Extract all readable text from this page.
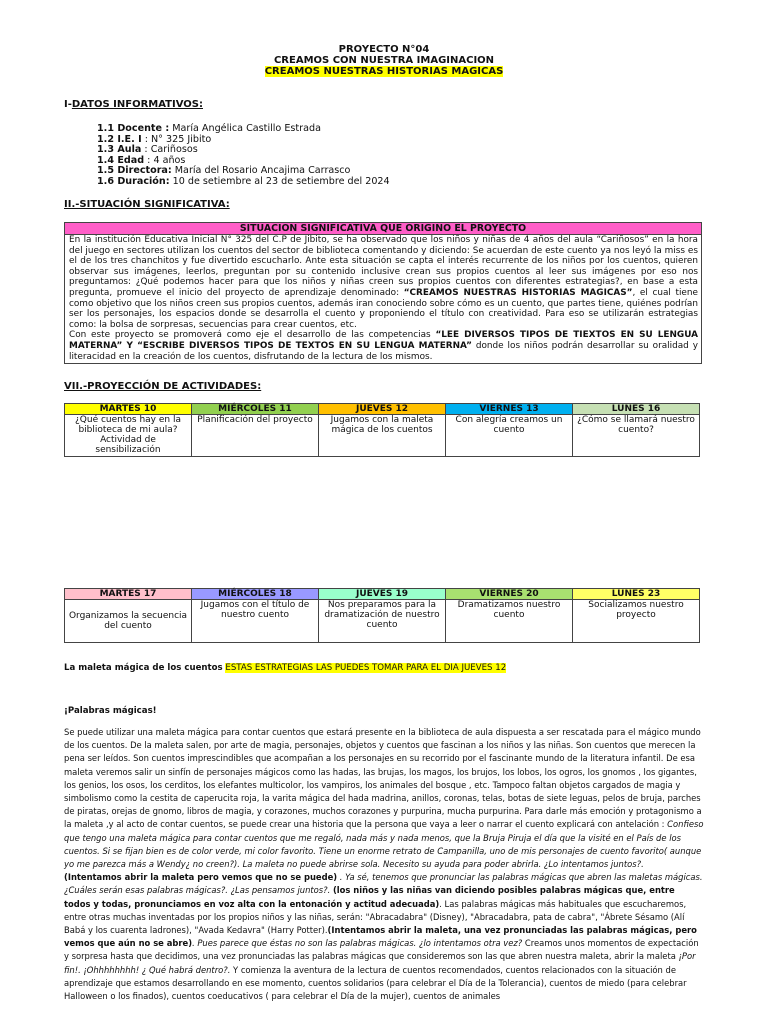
PROYECTO N°04
CREAMOS CON NUESTRA IMAGINACION
CREAMOS NUESTRAS HISTORIAS MAGICAS
I-DATOS INFORMATIVOS:
1.1 Docente : María Angélica Castillo Estrada
1.2 I.E. I : N° 325 Jibito
1.3 Aula : Cariñosos
1.4 Edad : 4 años
1.5 Directora: María del Rosario Ancajima Carrasco
1.6 Duración: 10 de setiembre al 23 de setiembre del 2024
II.-SITUACIÓN SIGNIFICATIVA:
SITUACION SIGNIFICATIVA QUE ORIGINO EL PROYECTO
En la institución Educativa Inicial N° 325 del C.P de Jibito, se ha observado que los niños y niñas de 4 años del aula “Cariñosos” en la hora del juego en sectores utilizan los cuentos del sector de biblioteca comentando y diciendo: Se acuerdan de este cuento ya nos leyó la miss es el de los tres chanchitos y fue divertido escucharlo. Ante esta situación se capta el interés recurrente de los niños por los cuentos, quieren observar sus imágenes, leerlos, preguntan por su contenido inclusive crean sus propios cuentos al leer sus imágenes por eso nos preguntamos: ¿Qué podemos hacer para que los niños y niñas creen sus propios cuentos con diferentes estrategias?, en base a esta pregunta, promueve el inicio del proyecto de aprendizaje denominado: “CREAMOS NUESTRAS HISTORIAS MAGICAS”, el cual tiene como objetivo que los niños creen sus propios cuentos, además iran conociendo sobre cómo es un cuento, que partes tiene, quiénes podrían ser los personajes, los espacios donde se desarrolla el cuento y proponiendo el título con creatividad. Para eso se utilizarán estrategias como: la bolsa de sorpresas, secuencias para crear cuentos, etc.
Con este proyecto se promoverá como eje el desarrollo de las competencias “LEE DIVERSOS TIPOS DE TIEXTOS EN SU LENGUA MATERNA” Y “ESCRIBE DIVERSOS TIPOS DE TEXTOS EN SU LENGUA MATERNA” donde los niños podrán desarrollar su oralidad y literacidad en la creación de los cuentos, disfrutando de la lectura de los mismos.
VII.-PROYECCIÓN DE ACTIVIDADES:
MARTES 10	MIÉRCOLES 11	JUEVES 12	VIERNES 13	LUNES 16
¿Qué cuentos hay en la biblioteca de mi aula? Actividad de sensibilización	Planificación del proyecto	Jugamos con la maleta mágica de los cuentos	Con alegría creamos un cuento	¿Cómo se llamará nuestro cuento?
MARTES 17	MIÉRCOLES 18	JUEVES 19	VIERNES 20	LUNES 23
Organizamos la secuencia del cuento	Jugamos con el título de nuestro cuento	Nos preparamos para la dramatización de nuestro cuento	Dramatizamos nuestro cuento	Socializamos nuestro proyecto
La maleta mágica de los cuentos ESTAS ESTRATEGIAS LAS PUEDES TOMAR PARA EL DIA JUEVES 12
¡Palabras mágicas!

Se puede utilizar una maleta mágica para contar cuentos que estará presente en la biblioteca de aula dispuesta a ser rescatada para el mágico mundo de los cuentos. De la maleta salen, por arte de magia, personajes, objetos y cuentos que fascinan a los niños y las niñas. Son cuentos que merecen la pena ser leídos. Son cuentos imprescindibles que acompañan a los personajes en su recorrido por el fascinante mundo de la literatura infantil. De esa maleta veremos salir un sinfín de personajes mágicos como las hadas, las brujas, los magos, los brujos, los lobos, los ogros, los gnomos , los gigantes, los genios, los osos, los cerditos, los elefantes multicolor, los vampiros, los animales del bosque , etc. Tampoco faltan objetos cargados de magia y simbolismo como la cestita de caperucita roja, la varita mágica del hada madrina, anillos, coronas, telas, botas de siete leguas, pelos de bruja, parches de piratas, orejas de gnomo, libros de magia, y corazones, muchos corazones y purpurina, mucha purpurina. Para darle más emoción y protagonismo a la maleta ,y al acto de contar cuentos, se puede crear una historia que la persona que vaya a leer o narrar el cuento explicará con antelación : Confieso que tengo una maleta mágica para contar cuentos que me regaló, nada más y nada menos, que la Bruja Piruja el día que la visité en el País de los cuentos. Si se fijan bien es de color verde, mi color favorito. Tiene un enorme retrato de Campanilla, uno de mis personajes de cuento favorito( aunque yo me parezca más a Wendy¿ no creen?). La maleta no puede abrirse sola. Necesito su ayuda para poder abrirla. ¿Lo intentamos juntos?. (Intentamos abrir la maleta pero vemos que no se puede) . Ya sé, tenemos que pronunciar las palabras mágicas que abren las maletas mágicas.¿Cuáles serán esas palabras mágicas?. ¿Las pensamos juntos?. (los niños y las niñas van diciendo posibles palabras mágicas que, entre todos y todas, pronunciamos en voz alta con la entonación y actitud adecuada). Las palabras mágicas más habituales que escucharemos, entre otras muchas inventadas por los propios niños y las niñas, serán: "Abracadabra" (Disney), "Abracadabra, pata de cabra", "Ábrete Sésamo (Alí Babá y los cuarenta ladrones), "Avada Kedavra" (Harry Potter).(Intentamos abrir la maleta, una vez pronunciadas las palabras mágicas, pero vemos que aún no se abre). Pues parece que éstas no son las palabras mágicas. ¿lo intentamos otra vez? Creamos unos momentos de expectación y sorpresa hasta que decidimos, una vez pronunciadas las palabras mágicas que consideremos son las que abren nuestra maleta, abrir la maleta ¡Por fin!. ¡Ohhhhhhhh! ¿ Qué habrá dentro?. Y comienza la aventura de la lectura de cuentos recomendados, cuentos relacionados con la situación de aprendizaje que estamos desarrollando en ese momento, cuentos solidarios (para celebrar el Día de la Tolerancia), cuentos de miedo (para celebrar Halloween o los finados), cuentos coeducativos ( para celebrar el Día de la mujer), cuentos de animales
